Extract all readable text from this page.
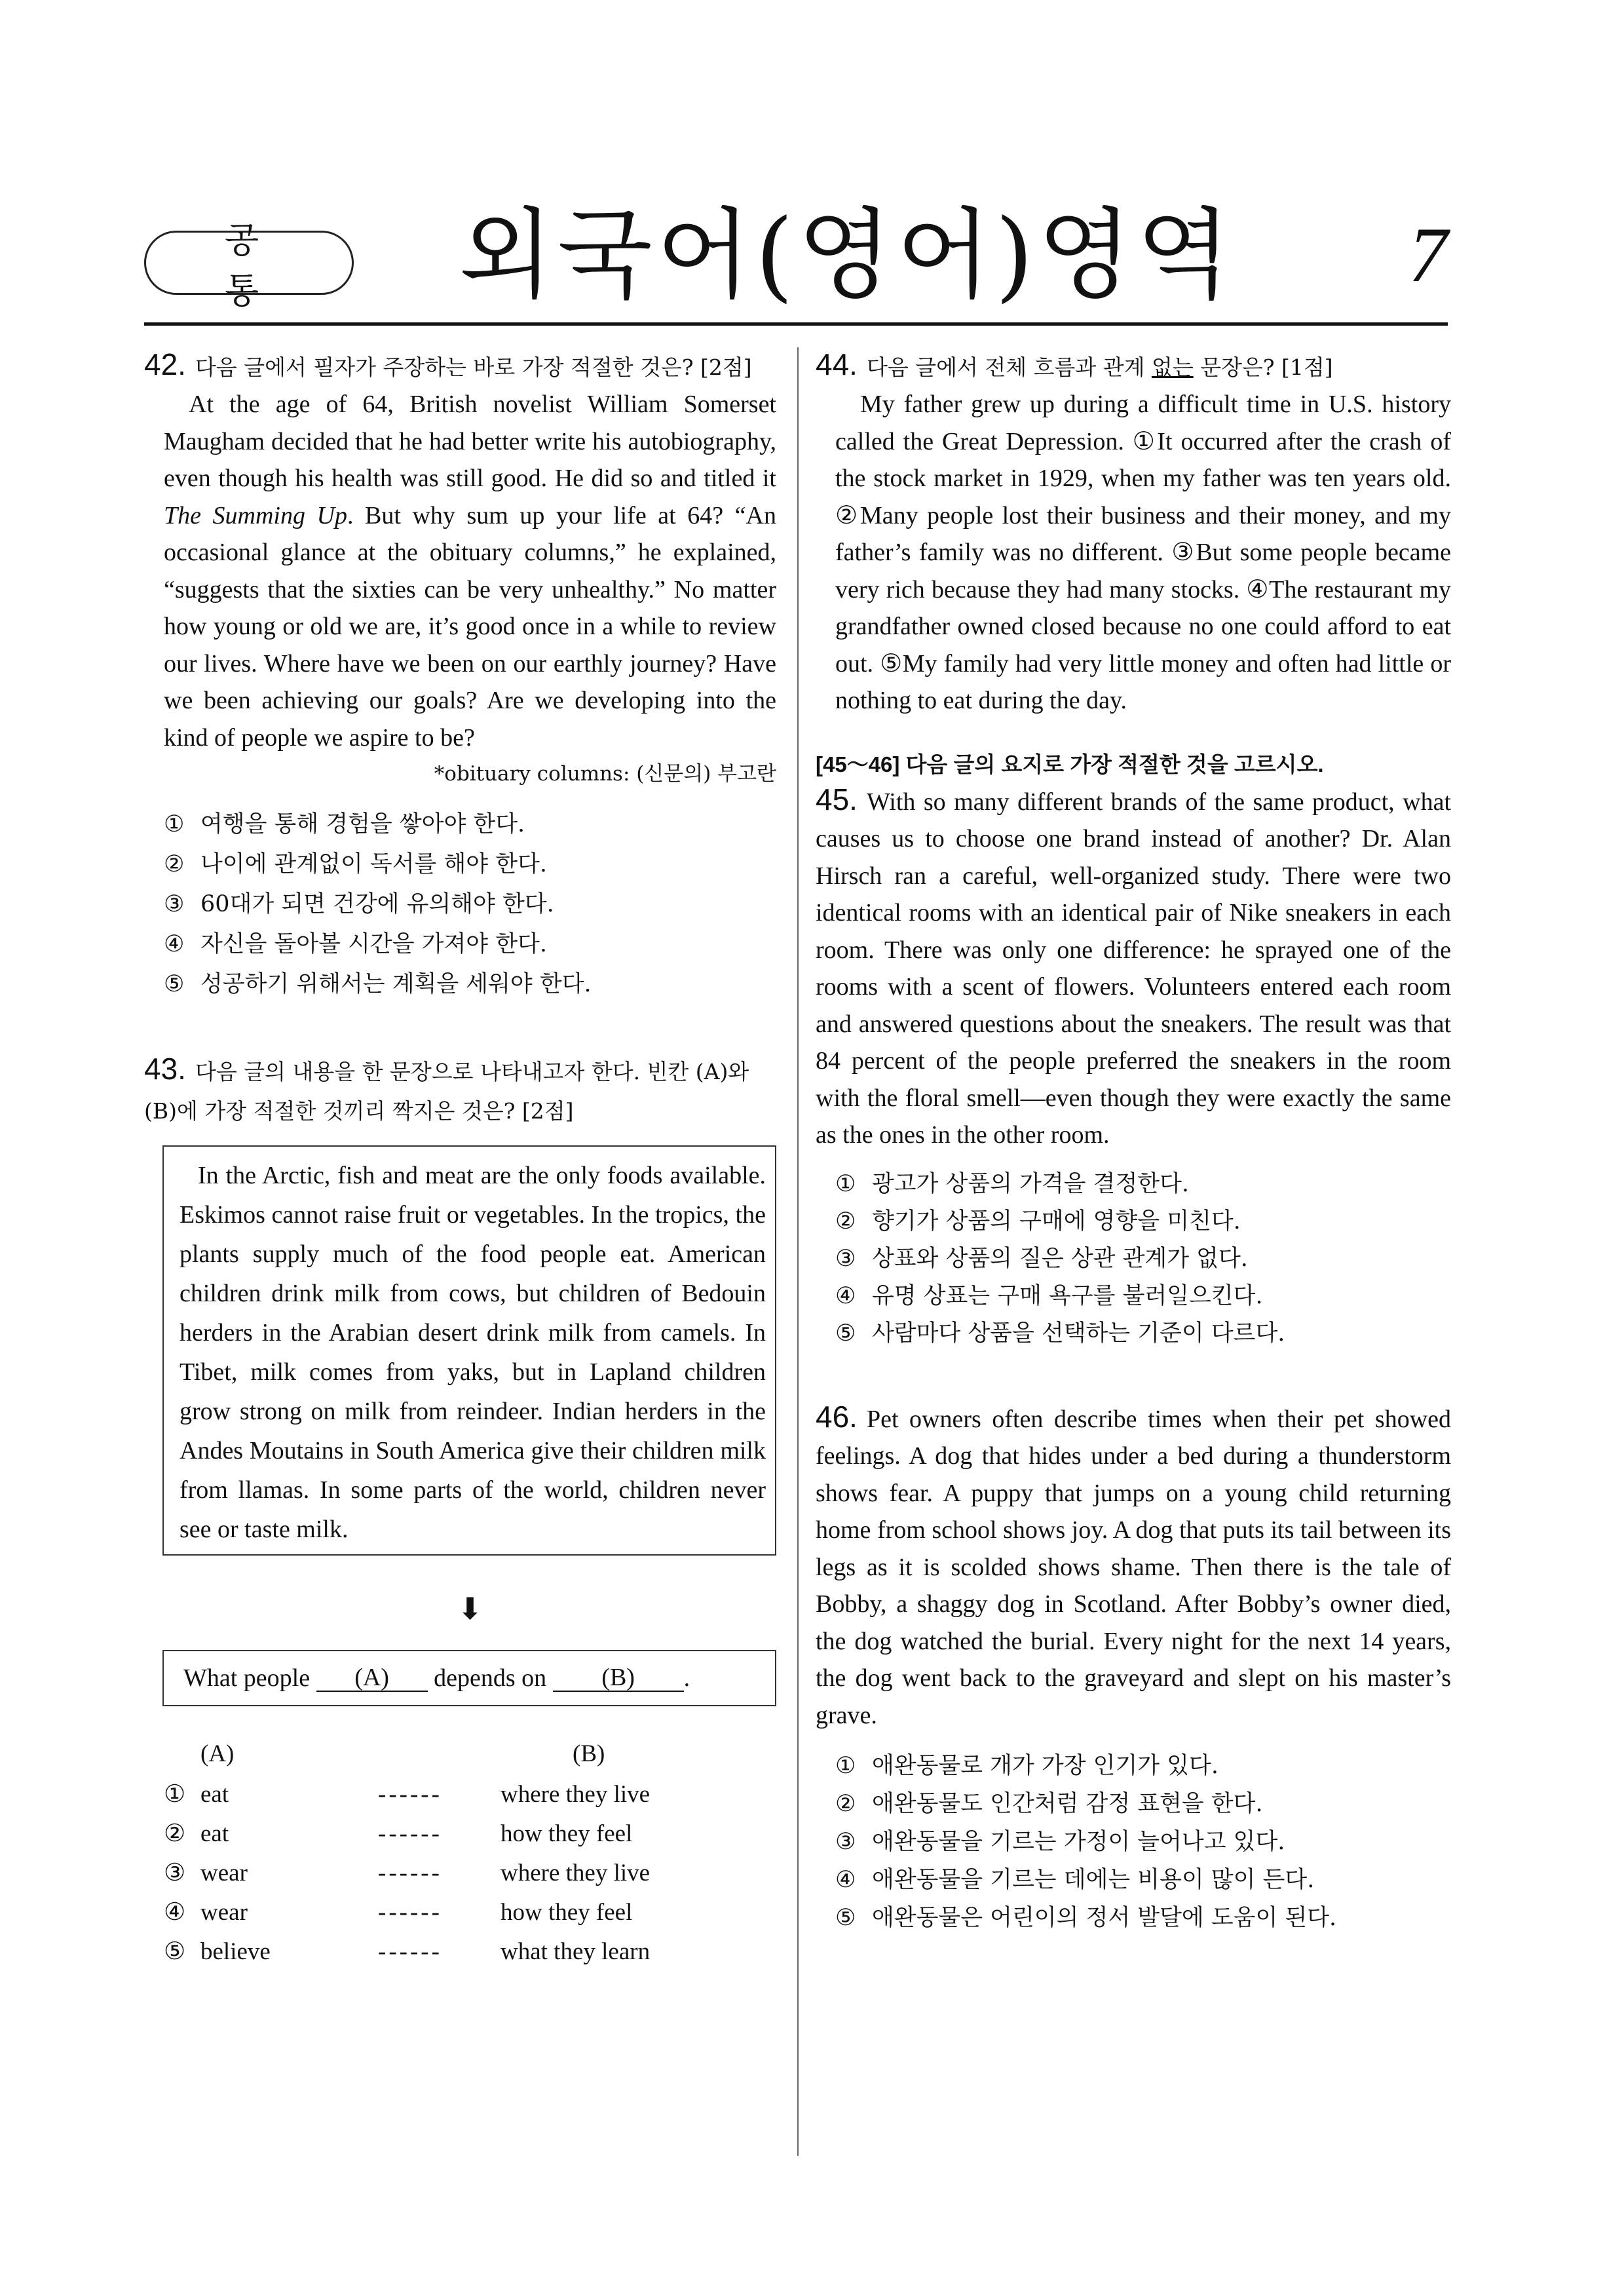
공 통 외국어(영어)영역	7

42. 다음 글에서 필자가 주장하는 바로 가장 적절한 것은? [2점]

At the age of 64, British novelist William Somerset Maugham decided that he had better write his autobiography, even though his health was still good. He did so and titled it The Summing Up. But why sum up your life at 64? “An occasional glance at the obituary columns,” he explained, “suggests that the sixties can be very unhealthy.” No matter how young or old we are, it’s good once in a while to review our lives. Where have we been on our earthly journey? Have we been achieving our goals? Are we developing into the kind of people we aspire to be?

*obituary columns: (신문의) 부고란
① 여행을 통해 경험을 쌓아야 한다.
② 나이에 관계없이 독서를 해야 한다.
③ 60대가 되면 건강에 유의해야 한다.
④ 자신을 돌아볼 시간을 가져야 한다.
⑤ 성공하기 위해서는 계획을 세워야 한다.

43. 다음 글의 내용을 한 문장으로 나타내고자 한다. 빈칸 (A)와 (B)에 가장 적절한 것끼리 짝지은 것은? [2점]

In the Arctic, fish and meat are the only foods available. Eskimos cannot raise fruit or vegetables. In the tropics, the plants supply much of the food people eat. American children drink milk from cows, but children of Bedouin herders in the Arabian desert drink milk from camels. In Tibet, milk comes from yaks, but in Lapland children grow strong on milk from reindeer. Indian herders in the Andes Moutains in South America give their children milk from llamas. In some parts of the world, children never see or taste milk.

⬇
What people
	(A)
	depends on
	(B)	.
(A)		(B)
① eat	------	where they live
② eat	------	how they feel
③ wear	------	where they live
④ wear	------	how they feel
⑤ believe	------	what they learn

44. 다음 글에서 전체 흐름과 관계 없는 문장은? [1점]

My father grew up during a difficult time in U.S. history called the Great Depression. ①It occurred after the crash of the stock market in 1929, when my father was ten years old. ②Many people lost their business and their money, and my father’s family was no different. ③But some people became very rich because they had many stocks. ④The restaurant my grandfather owned closed because no one could afford to eat out. ⑤My family had very little money and often had little or nothing to eat during the day.

[45～46] 다음 글의 요지로 가장 적절한 것을 고르시오.

45. With so many different brands of the same product, what causes us to choose one brand instead of another? Dr. Alan Hirsch ran a careful, well-organized study. There were two identical rooms with an identical pair of Nike sneakers in each room. There was only one difference: he sprayed one of the rooms with a scent of flowers. Volunteers entered each room and answered questions about the sneakers. The result was that 84 percent of the people preferred the sneakers in the room with the floral smell—even though they were exactly the same as the ones in the other room.

① 광고가 상품의 가격을 결정한다.
② 향기가 상품의 구매에 영향을 미친다.
③ 상표와 상품의 질은 상관 관계가 없다.
④ 유명 상표는 구매 욕구를 불러일으킨다.
⑤ 사람마다 상품을 선택하는 기준이 다르다.

46. Pet owners often describe times when their pet showed feelings. A dog that hides under a bed during a thunderstorm shows fear. A puppy that jumps on a young child returning home from school shows joy. A dog that puts its tail between its legs as it is scolded shows shame. Then there is the tale of Bobby, a shaggy dog in Scotland. After Bobby’s owner died, the dog watched the burial. Every night for the next 14 years, the dog went back to the graveyard and slept on his master’s grave.

① 애완동물로 개가 가장 인기가 있다.
② 애완동물도 인간처럼 감정 표현을 한다.
③ 애완동물을 기르는 가정이 늘어나고 있다.
④ 애완동물을 기르는 데에는 비용이 많이 든다.
⑤ 애완동물은 어린이의 정서 발달에 도움이 된다.
